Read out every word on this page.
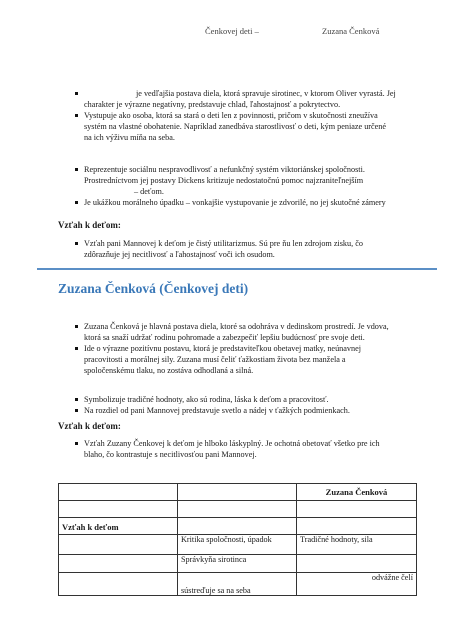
Čenkovej deti –	Zuzana Čenková
je vedľajšia postava diela, ktorá spravuje sirotinec, v ktorom Oliver vyrastá. Jej
charakter je výrazne negatívny, predstavuje chlad, ľahostajnosť a pokrytectvo.
Vystupuje ako osoba, ktorá sa stará o deti len z povinnosti, pričom v skutočnosti zneužíva
systém na vlastné obohatenie. Napríklad zanedbáva starostlivosť o deti, kým peniaze určené
na ich výživu míňa na seba.
Reprezentuje sociálnu nespravodlivosť a nefunkčný systém viktoriánskej spoločnosti.
Prostredníctvom jej postavy Dickens kritizuje nedostatočnú pomoc najzraniteľnejším
– deťom.
Je ukážkou morálneho úpadku – vonkajšie vystupovanie je zdvorilé, no jej skutočné zámery
Vzťah k deťom:
Vzťah pani Mannovej k deťom je čistý utilitarizmus. Sú pre ňu len zdrojom zisku, čo
zdôrazňuje jej necitlivosť a ľahostajnosť voči ich osudom.
Zuzana Čenková (Čenkovej deti)
Zuzana Čenková je hlavná postava diela, ktoré sa odohráva v dedinskom prostredí. Je vdova,
ktorá sa snaží udržať rodinu pohromade a zabezpečiť lepšiu budúcnosť pre svoje deti.
Ide o výrazne pozitívnu postavu, ktorá je predstaviteľkou obetavej matky, neúnavnej
pracovitosti a morálnej sily. Zuzana musí čeliť ťažkostiam života bez manžela a
spoločenskému tlaku, no zostáva odhodlaná a silná.
Symbolizuje tradičné hodnoty, ako sú rodina, láska k deťom a pracovitosť.
Na rozdiel od pani Mannovej predstavuje svetlo a nádej v ťažkých podmienkach.
Vzťah k deťom:
Vzťah Zuzany Čenkovej k deťom je hlboko láskyplný. Je ochotná obetovať všetko pre ich
blaho, čo kontrastuje s necitlivosťou pani Mannovej.
		Zuzana Čenková

Vzťah k deťom		
	Kritika spoločnosti, úpadok	Tradičné hodnoty, sila
	Správkyňa sirotinca	
	sústreďuje sa na seba	odvážne čelí
